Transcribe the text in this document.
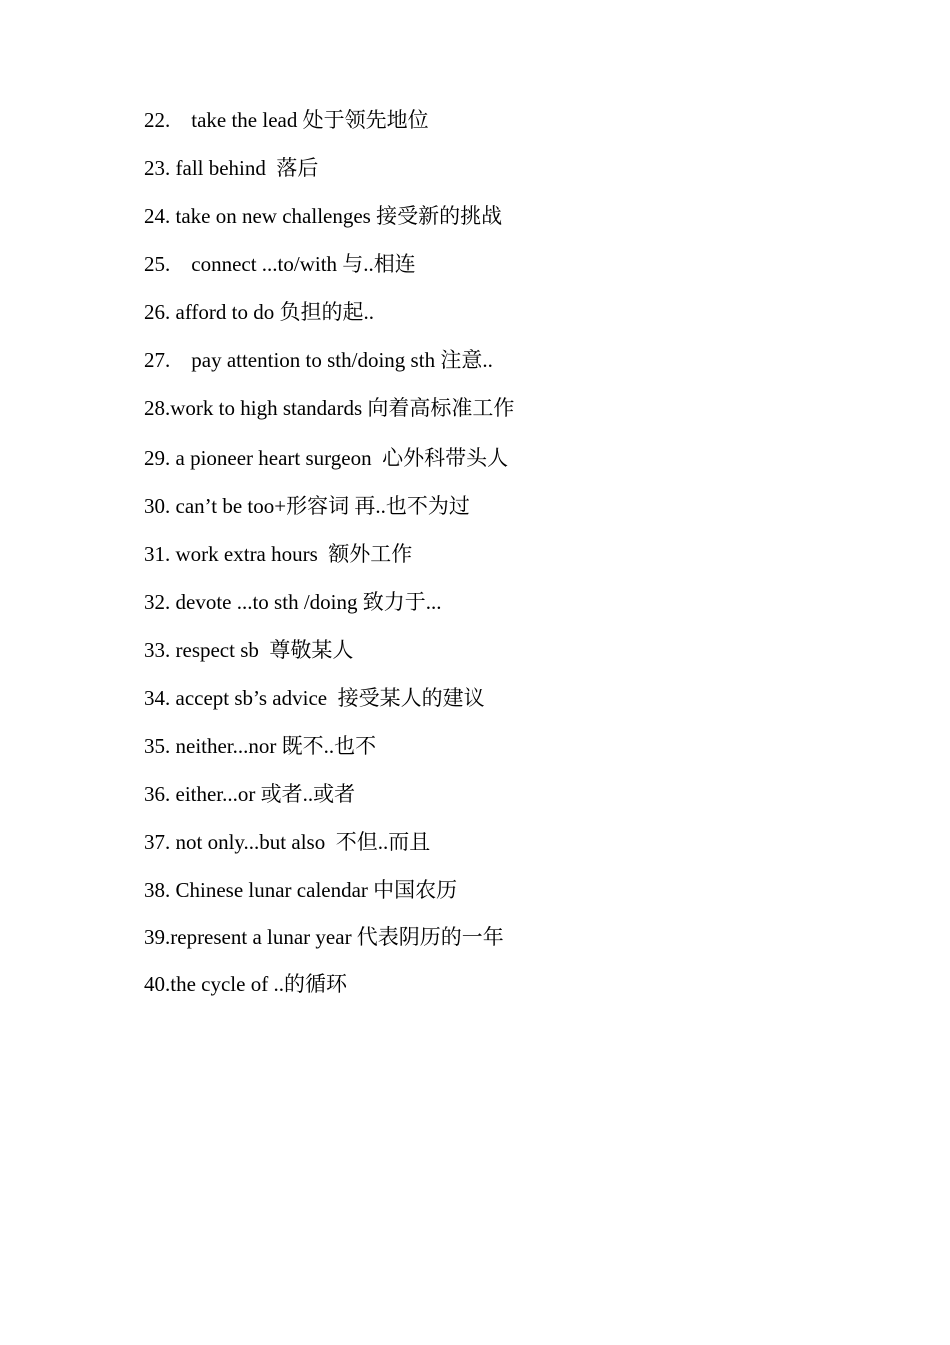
22.    take the lead 处于领先地位
23. fall behind  落后
24. take on new challenges 接受新的挑战
25.    connect ...to/with 与..相连
26. afford to do 负担的起..
27.    pay attention to sth/doing sth 注意..
28.work to high standards 向着高标准工作
29. a pioneer heart surgeon  心外科带头人
30. can’t be too+形容词 再..也不为过
31. work extra hours  额外工作
32. devote ...to sth /doing 致力于...
33. respect sb  尊敬某人
34. accept sb’s advice  接受某人的建议
35. neither...nor 既不..也不
36. either...or 或者..或者
37. not only...but also  不但..而且
38. Chinese lunar calendar 中国农历
39.represent a lunar year 代表阴历的一年
40.the cycle of ..的循环
